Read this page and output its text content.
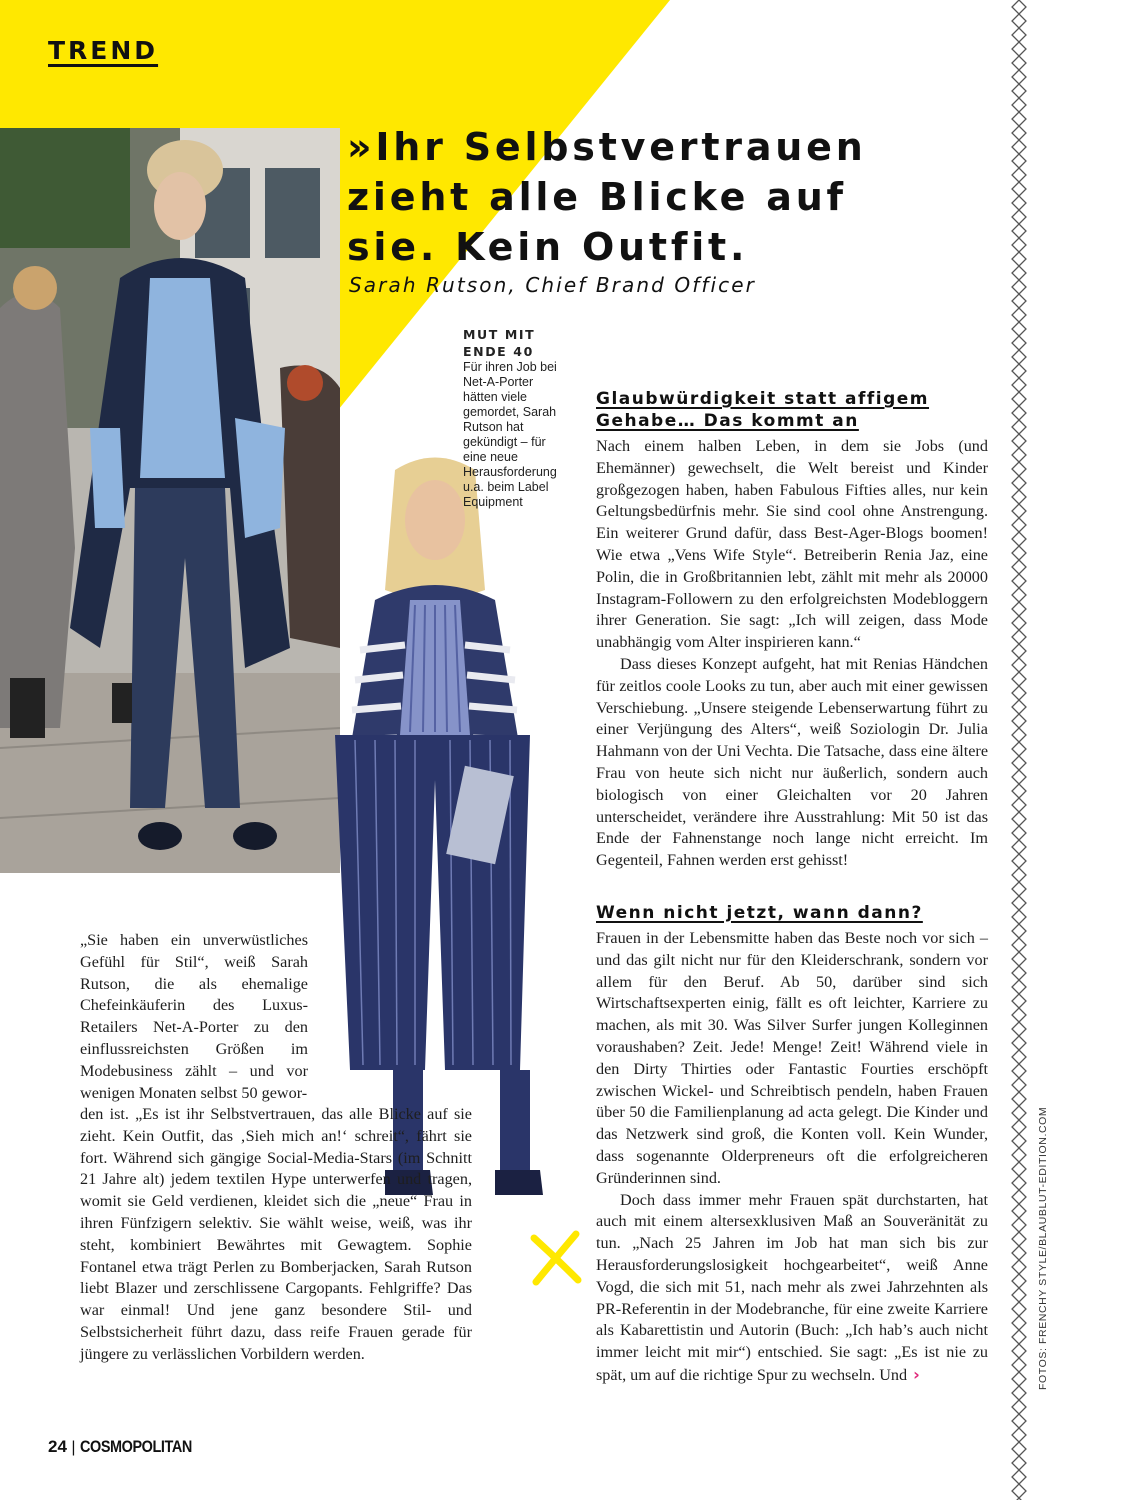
TREND
»Ihr Selbstvertrauen
zieht alle Blicke auf
sie. Kein Outfit.
Sarah Rutson, Chief Brand Officer
MUT MIT
ENDE 40
Für ihren Job bei Net-A-Porter hätten viele gemordet, Sarah Rutson hat gekündigt – für eine neue Herausforderung u.a. beim Label Equipment
Glaubwürdigkeit statt affigem
Gehabe… Das kommt an

Nach einem halben Leben, in dem sie Jobs (und Ehemänner) gewechselt, die Welt bereist und Kinder großgezogen haben, haben Fabulous Fifties alles, nur kein Geltungsbedürfnis mehr. Sie sind cool ohne Anstrengung. Ein weiterer Grund dafür, dass Best-Ager-Blogs boomen! Wie etwa „Vens Wife Style“. Betreiberin Renia Jaz, eine Polin, die in Großbritannien lebt, zählt mit mehr als 20000 Instagram-Followern zu den erfolgreichsten Modebloggern ihrer Generation. Sie sagt: „Ich will zeigen, dass Mode unabhängig vom Alter inspirieren kann.“

Dass dieses Konzept aufgeht, hat mit Renias Händchen für zeitlos coole Looks zu tun, aber auch mit einer gewissen Verschiebung. „Unsere steigende Lebenserwartung führt zu einer Verjüngung des Alters“, weiß Soziologin Dr. Julia Hahmann von der Uni Vechta. Die Tatsache, dass eine ältere Frau von heute sich nicht nur äußerlich, sondern auch biologisch von einer Gleichalten vor 20 Jahren unterscheidet, verändere ihre Ausstrahlung: Mit 50 ist das Ende der Fahnenstange noch lange nicht erreicht. Im Gegenteil, Fahnen werden erst gehisst!

Wenn nicht jetzt, wann dann?

Frauen in der Lebensmitte haben das Beste noch vor sich – und das gilt nicht nur für den Kleiderschrank, sondern vor allem für den Beruf. Ab 50, darüber sind sich Wirtschaftsexperten einig, fällt es oft leichter, Karriere zu machen, als mit 30. Was Silver Surfer jungen Kolleginnen voraushaben? Zeit. Jede! Menge! Zeit! Während viele in den Dirty Thirties oder Fantastic Fourties erschöpft zwischen Wickel- und Schreibtisch pendeln, haben Frauen über 50 die Familienplanung ad acta gelegt. Die Kinder und das Netzwerk sind groß, die Konten voll. Kein Wunder, dass sogenannte Olderpreneurs oft die erfolgreicheren Gründerinnen sind.

Doch dass immer mehr Frauen spät durchstarten, hat auch mit einem altersexklusiven Maß an Souveränität zu tun. „Nach 25 Jahren im Job hat man sich bis zur Herausforderungslosigkeit hochgearbeitet“, weiß Anne Vogd, die sich mit 51, nach mehr als zwei Jahrzehnten als PR-Referentin in der Modebranche, für eine zweite Karriere als Kabarettistin und Autorin (Buch: „Ich hab’s auch nicht immer leicht mit mir“) entschied. Sie sagt: „Es ist nie zu spät, um auf die richtige Spur zu wechseln. Und ›

„Sie haben ein unverwüstliches Gefühl für Stil“, weiß Sarah Rutson, die als ehemalige Chefeinkäuferin des Luxus-Retailers Net-A-Porter zu den einflussreichsten Größen im Modebusiness zählt – und vor wenigen Monaten selbst 50 gewor-
den ist. „Es ist ihr Selbstvertrauen, das alle Blicke auf sie zieht. Kein Outfit, das ‚Sieh mich an!‘ schreit“, fährt sie fort. Während sich gängige Social-Media-Stars (im Schnitt 21 Jahre alt) jedem textilen Hype unterwerfen und tragen, womit sie Geld verdienen, kleidet sich die „neue“ Frau in ihren Fünfzigern selektiv. Sie wählt weise, weiß, was ihr steht, kombiniert Bewährtes mit Gewagtem. Sophie Fontanel etwa trägt Perlen zu Bomberjacken, Sarah Rutson liebt Blazer und zerschlissene Cargopants. Fehlgriffe? Das war einmal! Und jene ganz besondere Stil- und Selbstsicherheit führt dazu, dass reife Frauen gerade für jüngere zu verlässlichen Vorbildern werden.	FOTOS: FRENCHY STYLE/BLAUBLUT-EDITION.COM
24 | COSMOPOLITAN
